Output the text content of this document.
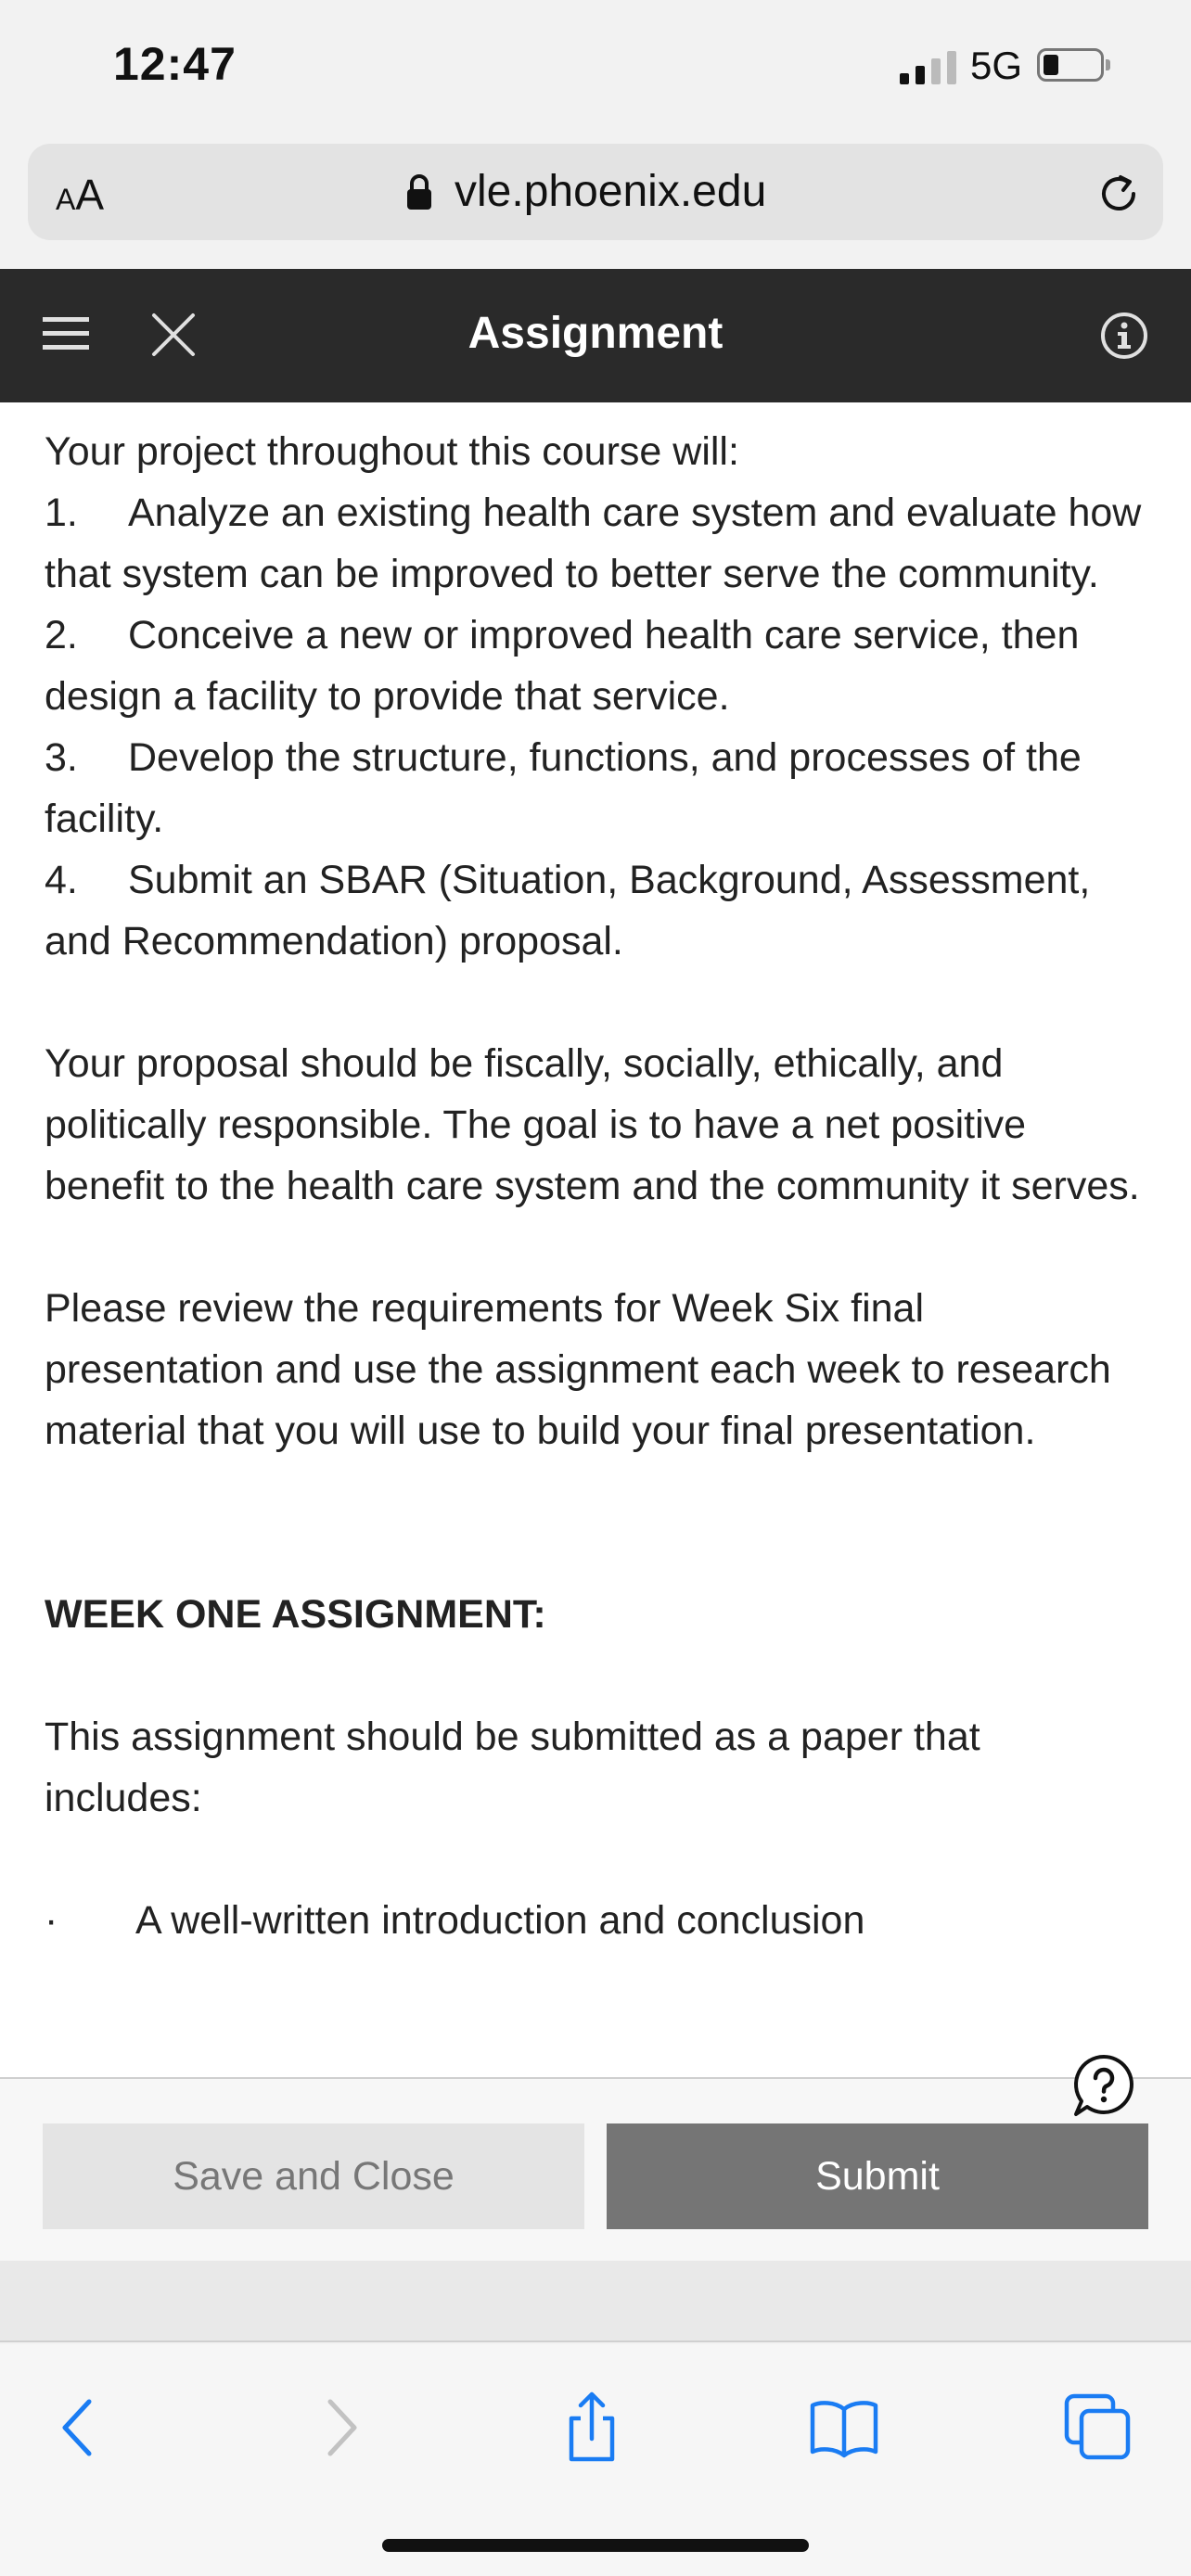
12:47	5G
AA	vle.phoenix.edu
Assignment

Your project throughout this course will:

1. Analyze an existing health care system and evaluate how that system can be improved to better serve the community.

2. Conceive a new or improved health care service, then design a facility to provide that service.

3. Develop the structure, functions, and processes of the facility.

4. Submit an SBAR (Situation, Background, Assessment, and Recommendation) proposal.

Your proposal should be fiscally, socially, ethically, and politically responsible. The goal is to have a net positive benefit to the health care system and the community it serves.

Please review the requirements for Week Six final presentation and use the assignment each week to research material that you will use to build your final presentation.

WEEK ONE ASSIGNMENT:

This assignment should be submitted as a paper that includes:

· A well-written introduction and conclusion

Save and Close	Submit
